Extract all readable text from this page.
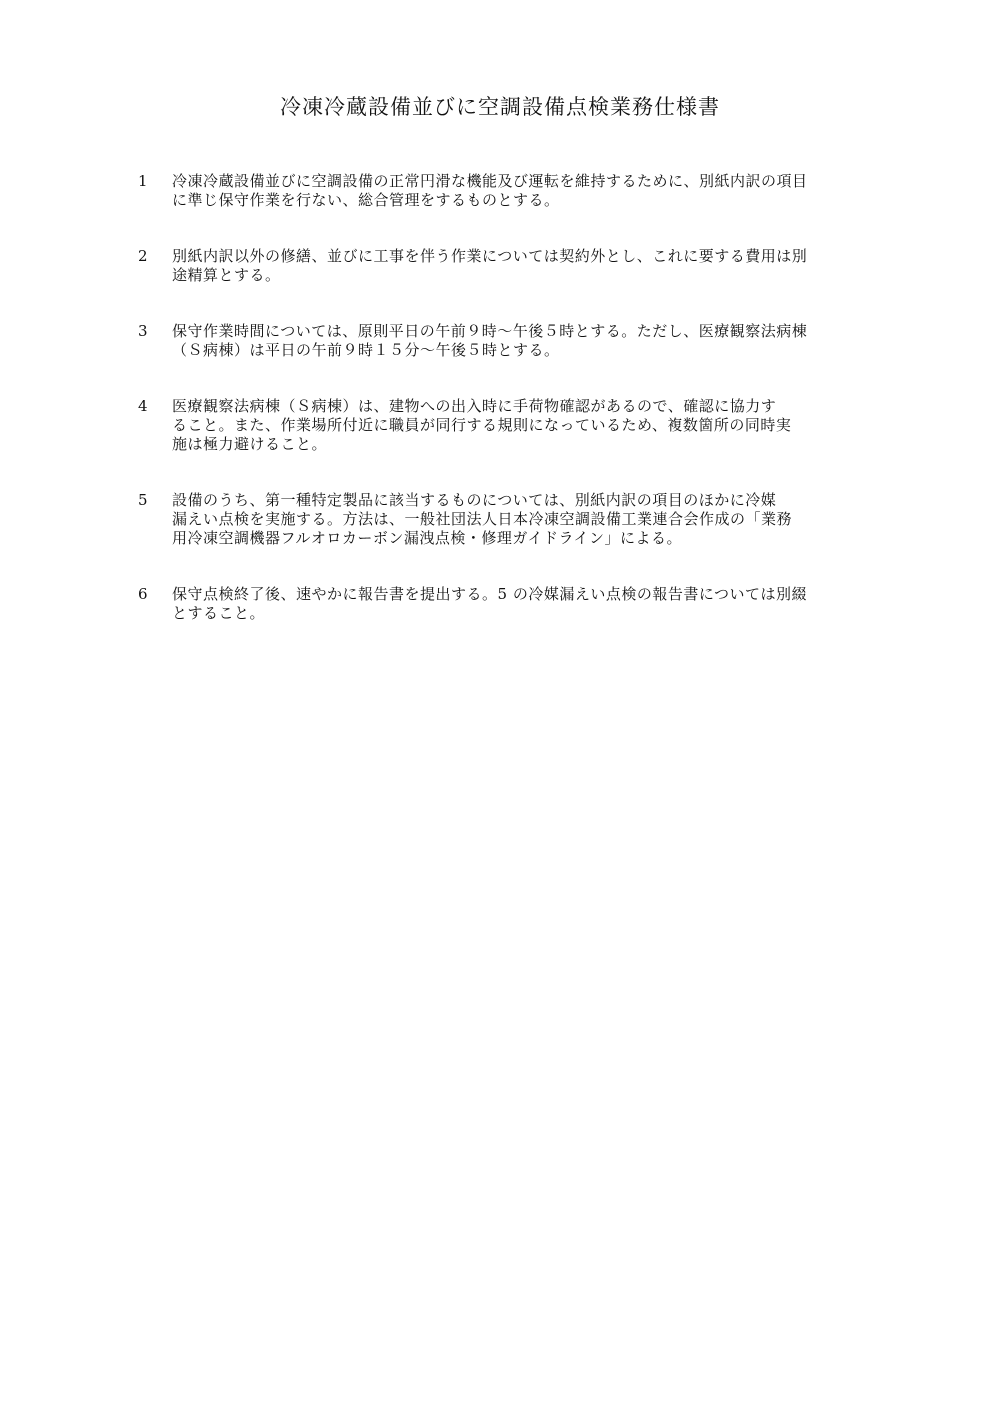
冷凍冷蔵設備並びに空調設備点検業務仕様書
1	冷凍冷蔵設備並びに空調設備の正常円滑な機能及び運転を維持するために、別紙内訳の項目
に準じ保守作業を行ない、総合管理をするものとする。

2	別紙内訳以外の修繕、並びに工事を伴う作業については契約外とし、これに要する費用は別
途精算とする。

3	保守作業時間については、原則平日の午前９時～午後５時とする。ただし、医療観察法病棟
（Ｓ病棟）は平日の午前９時１５分～午後５時とする。

4	医療観察法病棟（Ｓ病棟）は、建物への出入時に手荷物確認があるので、確認に協力す
ること。また、作業場所付近に職員が同行する規則になっているため、複数箇所の同時実
施は極力避けること。

5	設備のうち、第一種特定製品に該当するものについては、別紙内訳の項目のほかに冷媒
漏えい点検を実施する。方法は、一般社団法人日本冷凍空調設備工業連合会作成の「業務
用冷凍空調機器フルオロカーボン漏洩点検・修理ガイドライン」による。

6	保守点検終了後、速やかに報告書を提出する。5 の冷媒漏えい点検の報告書については別綴
とすること。
